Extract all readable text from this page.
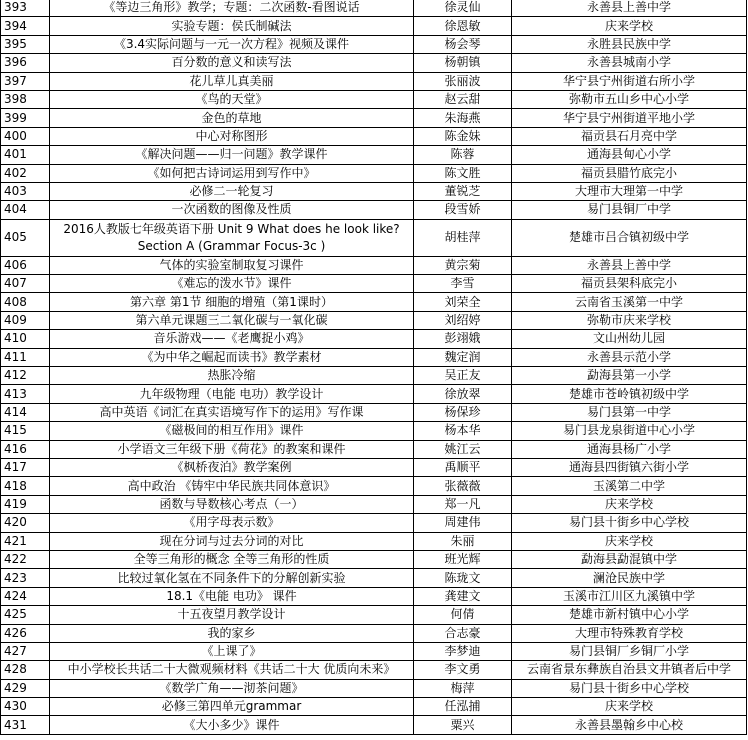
393	《等边三角形》教学；专题：二次函数-看图说话	徐灵仙	永善县上善中学
394	实验专题：侯氏制碱法	徐恩敏	庆来学校
395	《3.4实际问题与一元一次方程》视频及课件	杨会琴	永胜县民族中学
396	百分数的意义和读写法	杨朝镇	永善县城南小学
397	花儿草儿真美丽	张丽波	华宁县宁州街道右所小学
398	《鸟的天堂》	赵云甜	弥勒市五山乡中心小学
399	金色的草地	朱海燕	华宁县宁州街道平地小学
400	中心对称图形	陈金妹	福贡县石月亮中学
401	《解决问题——归一问题》教学课件	陈蓉	通海县甸心小学
402	《如何把古诗词运用到写作中》	陈文胜	福贡县腊竹底完小
403	必修二一轮复习	董锐芝	大理市大理第一中学
404	一次函数的图像及性质	段雪娇	易门县铜厂中学
405	2016人教版七年级英语下册 Unit 9 What does he look like? Section A (Grammar Focus-3c )	胡桂萍	楚雄市吕合镇初级中学
406	气体的实验室制取复习课件	黄宗菊	永善县上善中学
407	《难忘的泼水节》课件	李雪	福贡县架科底完小
408	第六章 第1节 细胞的增殖（第1课时）	刘荣全	云南省玉溪第一中学
409	第六单元课题三二氧化碳与一氧化碳	刘绍婷	弥勒市庆来学校
410	音乐游戏——《老鹰捉小鸡》	彭翊娥	文山州幼儿园
411	《为中华之崛起而读书》教学素材	魏定润	永善县示范小学
412	热胀冷缩	吴正友	勐海县第一小学
413	九年级物理（电能 电功）教学设计	徐放翠	楚雄市苍岭镇初级中学
414	高中英语《词汇在真实语境写作下的运用》写作课	杨保珍	易门县第一中学
415	《磁极间的相互作用》课件	杨本华	易门县龙泉街道中心小学
416	小学语文三年级下册《荷花》的教案和课件	姚江云	通海县杨广小学
417	《枫桥夜泊》教学案例	禹顺平	通海县四街镇六街小学
418	高中政治 《铸牢中华民族共同体意识》	张薇薇	玉溪第二中学
419	函数与导数核心考点（一）	郑一凡	庆来学校
420	《用字母表示数》	周建伟	易门县十街乡中心学校
421	现在分词与过去分词的对比	朱丽	庆来学校
422	全等三角形的概念 全等三角形的性质	班光辉	勐海县勐混镇中学
423	比较过氧化氢在不同条件下的分解创新实验	陈珑文	澜沧民族中学
424	18.1《电能 电功》 课件	龚建文	玉溪市江川区九溪镇中学
425	十五夜望月教学设计	何倩	楚雄市新村镇中心小学
426	我的家乡	合志豪	大理市特殊教育学校
427	《上课了》	李梦迪	易门县铜厂乡铜厂小学
428	中小学校长共话二十大微观频材料《共话二十大 优质向未来》	李文勇	云南省景东彝族自治县文井镇者后中学
429	《数学广角——沏茶问题》	梅萍	易门县十街乡中心学校
430	必修三第四单元grammar	任泓捕	庆来学校
431	《大小多少》课件	粟兴	永善县墨翰乡中心校
